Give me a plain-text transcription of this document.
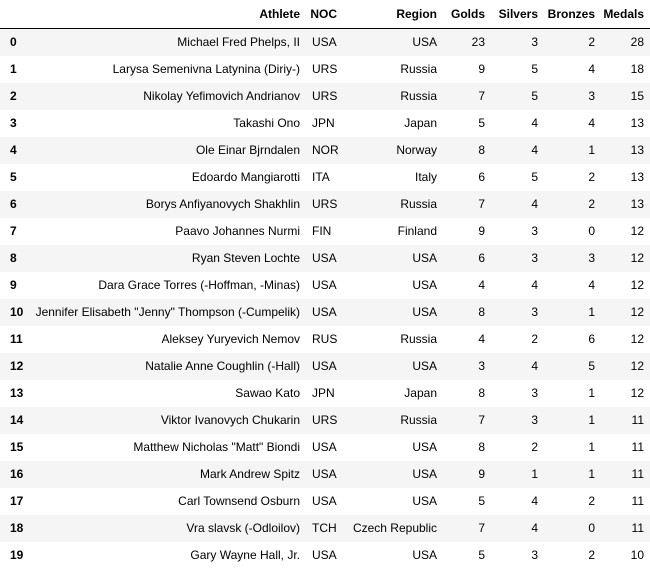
	Athlete	NOC	Region	Golds	Silvers	Bronzes	Medals
0	Michael Fred Phelps, II	USA	USA	23	3	2	28
1	Larysa Semenivna Latynina (Diriy-)	URS	Russia	9	5	4	18
2	Nikolay Yefimovich Andrianov	URS	Russia	7	5	3	15
3	Takashi Ono	JPN	Japan	5	4	4	13
4	Ole Einar Bjrndalen	NOR	Norway	8	4	1	13
5	Edoardo Mangiarotti	ITA	Italy	6	5	2	13
6	Borys Anfiyanovych Shakhlin	URS	Russia	7	4	2	13
7	Paavo Johannes Nurmi	FIN	Finland	9	3	0	12
8	Ryan Steven Lochte	USA	USA	6	3	3	12
9	Dara Grace Torres (-Hoffman, -Minas)	USA	USA	4	4	4	12
10	Jennifer Elisabeth "Jenny" Thompson (-Cumpelik)	USA	USA	8	3	1	12
11	Aleksey Yuryevich Nemov	RUS	Russia	4	2	6	12
12	Natalie Anne Coughlin (-Hall)	USA	USA	3	4	5	12
13	Sawao Kato	JPN	Japan	8	3	1	12
14	Viktor Ivanovych Chukarin	URS	Russia	7	3	1	11
15	Matthew Nicholas "Matt" Biondi	USA	USA	8	2	1	11
16	Mark Andrew Spitz	USA	USA	9	1	1	11
17	Carl Townsend Osburn	USA	USA	5	4	2	11
18	Vra slavsk (-Odloilov)	TCH	Czech Republic	7	4	0	11
19	Gary Wayne Hall, Jr.	USA	USA	5	3	2	10
